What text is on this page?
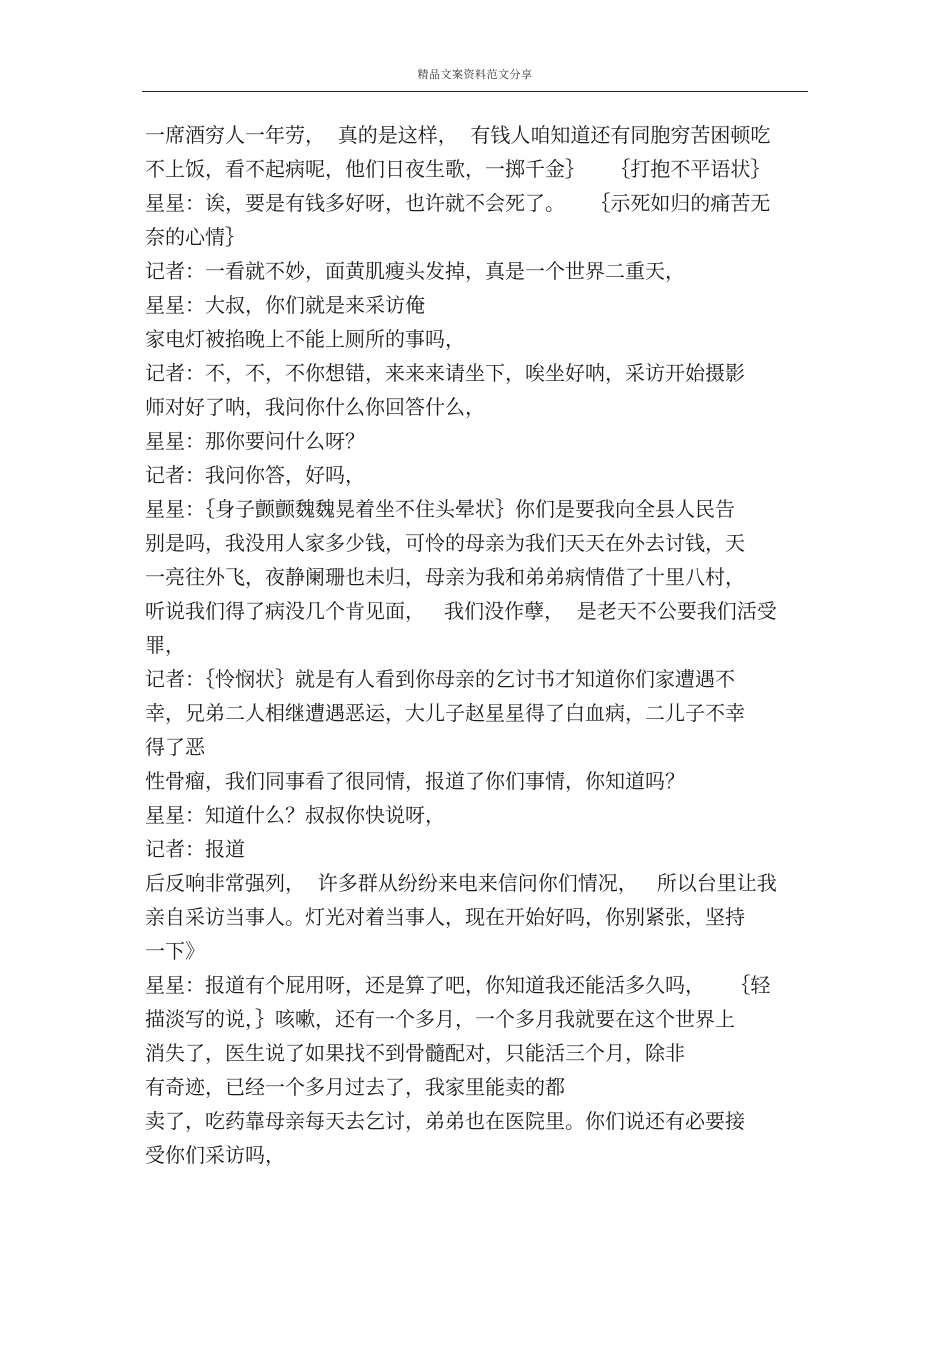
精品文案资料范文分享
一席酒穷人一年劳，  真的是这样，  有钱人咱知道还有同胞穷苦困顿吃
不上饭，看不起病呢，他们日夜生歌，一掷千金｝    ｛打抱不平语状｝
星星：诶，要是有钱多好呀，也许就不会死了。    ｛示死如归的痛苦无
奈的心情｝
记者：一看就不妙，面黄肌瘦头发掉，真是一个世界二重天，
星星：大叔，你们就是来采访俺
家电灯被掐晚上不能上厕所的事吗，
记者：不，不，不你想错，来来来请坐下，唉坐好呐，采访开始摄影
师对好了呐，我问你什么你回答什么，
星星：那你要问什么呀？
记者：我问你答，好吗，
星星：｛身子颤颤魏魏晃着坐不住头晕状｝你们是要我向全县人民告
别是吗，我没用人家多少钱，可怜的母亲为我们天天在外去讨钱，天
一亮往外飞，夜静阑珊也未归，母亲为我和弟弟病情借了十里八村，
听说我们得了病没几个肯见面，   我们没作孽，  是老天不公要我们活受
罪，
记者：｛怜悯状｝就是有人看到你母亲的乞讨书才知道你们家遭遇不
幸，兄弟二人相继遭遇恶运，大儿子赵星星得了白血病，二儿子不幸
得了恶
性骨瘤，我们同事看了很同情，报道了你们事情，你知道吗？
星星：知道什么？叔叔你快说呀，
记者：报道
后反响非常强列，  许多群从纷纷来电来信问你们情况，   所以台里让我
亲自采访当事人。灯光对着当事人，现在开始好吗，你别紧张，坚持
一下》
星星：报道有个屁用呀，还是算了吧，你知道我还能活多久吗，    ｛轻
描淡写的说，｝咳嗽，还有一个多月，一个多月我就要在这个世界上
消失了，医生说了如果找不到骨髓配对，只能活三个月，除非
有奇迹，已经一个多月过去了，我家里能卖的都
卖了，吃药靠母亲每天去乞讨，弟弟也在医院里。你们说还有必要接
受你们采访吗，
